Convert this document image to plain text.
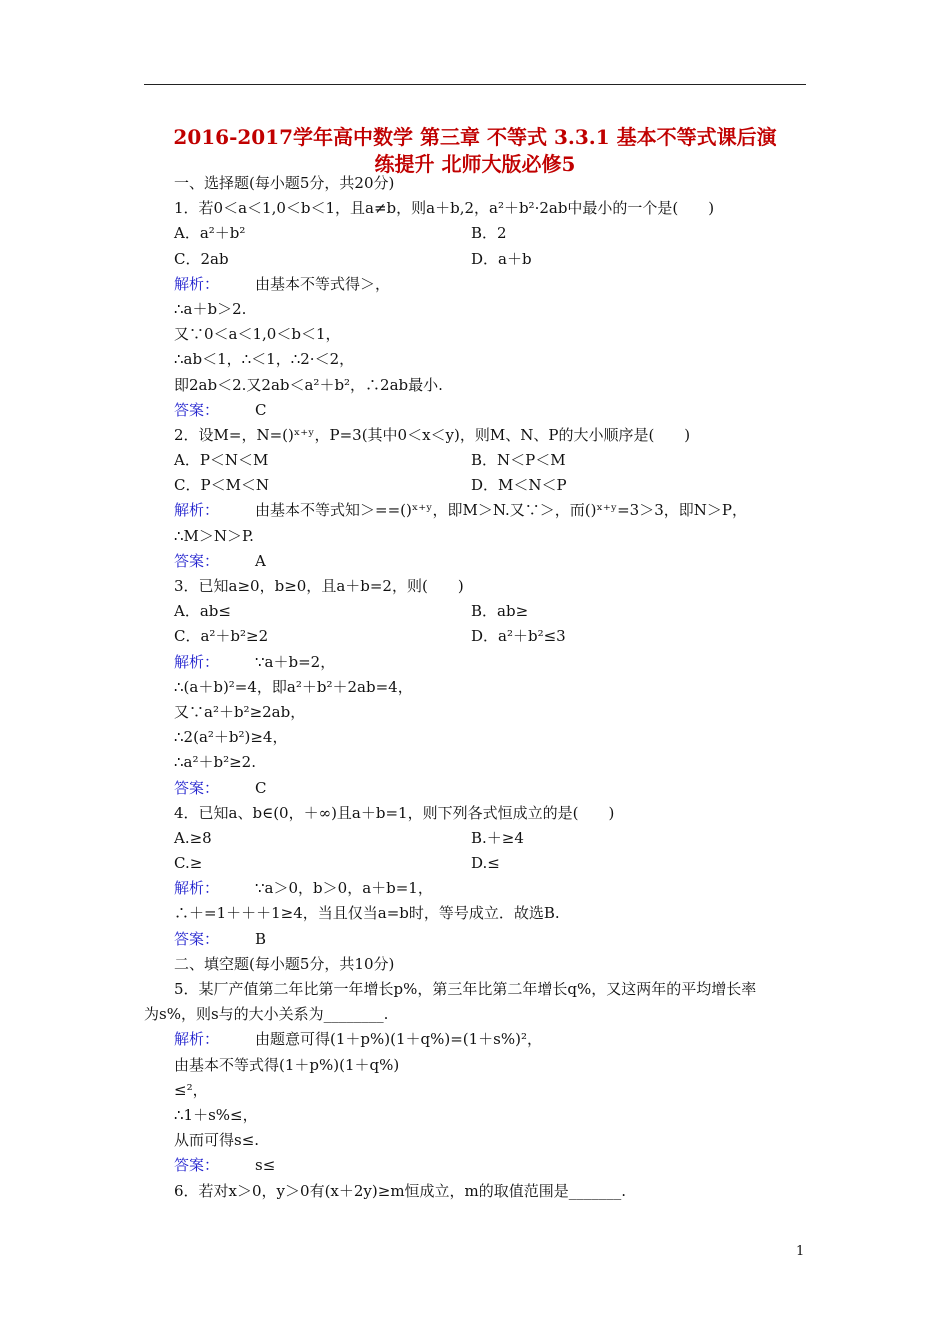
2016-2017学年高中数学 第三章 不等式 3.3.1 基本不等式课后演
练提升 北师大版必修5
一、选择题(每小题5分，共20分)
1．若0＜a＜1,0＜b＜1，且a≠b，则a＋b,2，a²＋b²·2ab中最小的一个是(　　)
A．a²＋b²	B．2
C．2ab	D．a＋b
解析： 由基本不等式得＞，
∴a＋b＞2.
又∵0＜a＜1,0＜b＜1，
∴ab＜1，∴＜1，∴2·＜2，
即2ab＜2.又2ab＜a²＋b²，∴2ab最小.
答案： C
2．设M=，N=()ˣ⁺ʸ，P=3(其中0＜x＜y)，则M、N、P的大小顺序是(　　)
A．P＜N＜M	B．N＜P＜M
C．P＜M＜N	D．M＜N＜P
解析： 由基本不等式知＞==()ˣ⁺ʸ，即M＞N.又∵＞，而()ˣ⁺ʸ=3＞3，即N＞P，
∴M＞N＞P.
答案： A
3．已知a≥0，b≥0，且a＋b=2，则(　　)
A．ab≤	B．ab≥
C．a²＋b²≥2	D．a²＋b²≤3
解析： ∵a＋b=2，
∴(a＋b)²=4，即a²＋b²＋2ab=4，
又∵a²＋b²≥2ab，
∴2(a²＋b²)≥4，
∴a²＋b²≥2.
答案： C
4．已知a、b∈(0，＋∞)且a＋b=1，则下列各式恒成立的是(　　)
A.≥8	B.＋≥4
C.≥	D.≤
解析： ∵a＞0，b＞0，a＋b=1，
∴＋=1＋＋＋1≥4，当且仅当a=b时，等号成立．故选B.
答案： B
二、填空题(每小题5分，共10分)
5．某厂产值第二年比第一年增长p%，第三年比第二年增长q%，又这两年的平均增长率
为s%，则s与的大小关系为________.
解析： 由题意可得(1＋p%)(1＋q%)=(1＋s%)²，
由基本不等式得(1＋p%)(1＋q%)
≤²，
∴1＋s%≤，
从而可得s≤.
答案： s≤
6．若对x＞0，y＞0有(x＋2y)≥m恒成立，m的取值范围是_______.
1
